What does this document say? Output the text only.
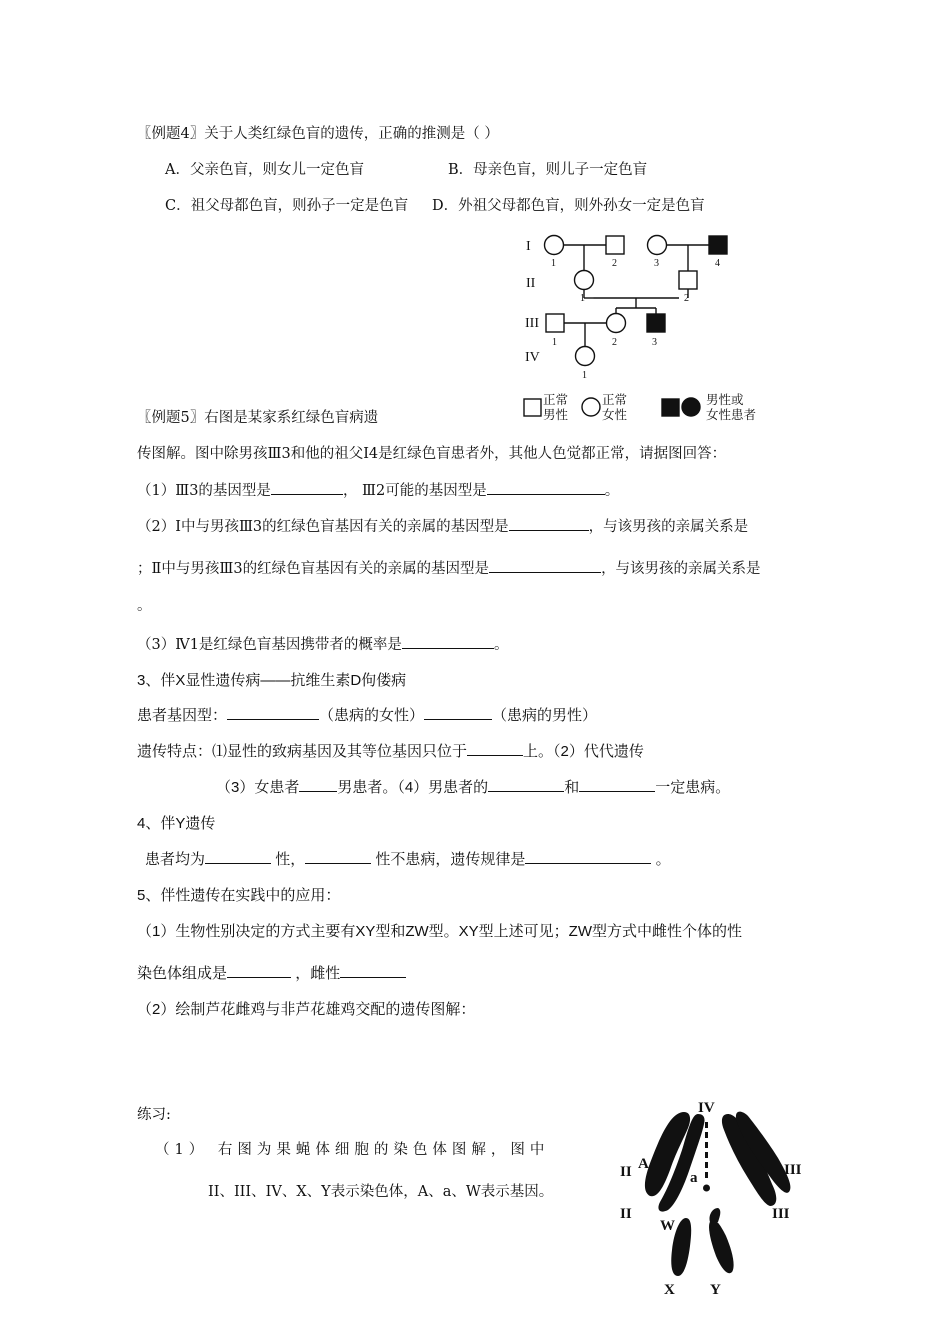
〖例题4〗关于人类红绿色盲的遗传，正确的推测是（ ）
A．父亲色盲，则女儿一定色盲	B．母亲色盲，则儿子一定色盲
C．祖父母都色盲，则孙子一定是色盲 D．外祖父母都色盲，则外孙女一定是色盲
I
II
III
IV
1	2	3	4
1	2
1	2	3
1
正常
男性
正常
女性
男性或
女性患者
〖例题5〗右图是某家系红绿色盲病遗
传图解。图中除男孩Ⅲ3和他的祖父Ⅰ4是红绿色盲患者外，其他人色觉都正常，请据图回答：
（1）Ⅲ3的基因型是	， Ⅲ2可能的基因型是	。
（2）Ⅰ中与男孩Ⅲ3的红绿色盲基因有关的亲属的基因型是	，与该男孩的亲属关系是
；Ⅱ中与男孩Ⅲ3的红绿色盲基因有关的亲属的基因型是	，与该男孩的亲属关系是
。
（3）Ⅳ1是红绿色盲基因携带者的概率是	。
3、伴X显性遗传病——抗维生素D佝偻病
患者基因型：	（患病的女性）	（患病的男性）
遗传特点：⑴显性的致病基因及其等位基因只位于	上。（2）代代遗传
（3）女患者	男患者。（4）男患者的	和	一定患病。
4、伴Y遗传
患者均为	性，	性不患病，遗传规律是	。
5、伴性遗传在实践中的应用：
（1）生物性别决定的方式主要有XY型和ZW型。XY型上述可见；ZW型方式中雌性个体的性
染色体组成是	，雌性
（2）绘制芦花雌鸡与非芦花雄鸡交配的遗传图解：
练习:
（1） 右图为果蝇体细胞的染色体图解，图中
II、III、IV、X、Y表示染色体，A、a、W表示基因。
IV
A
a
II
II
III
III
W
X Y
